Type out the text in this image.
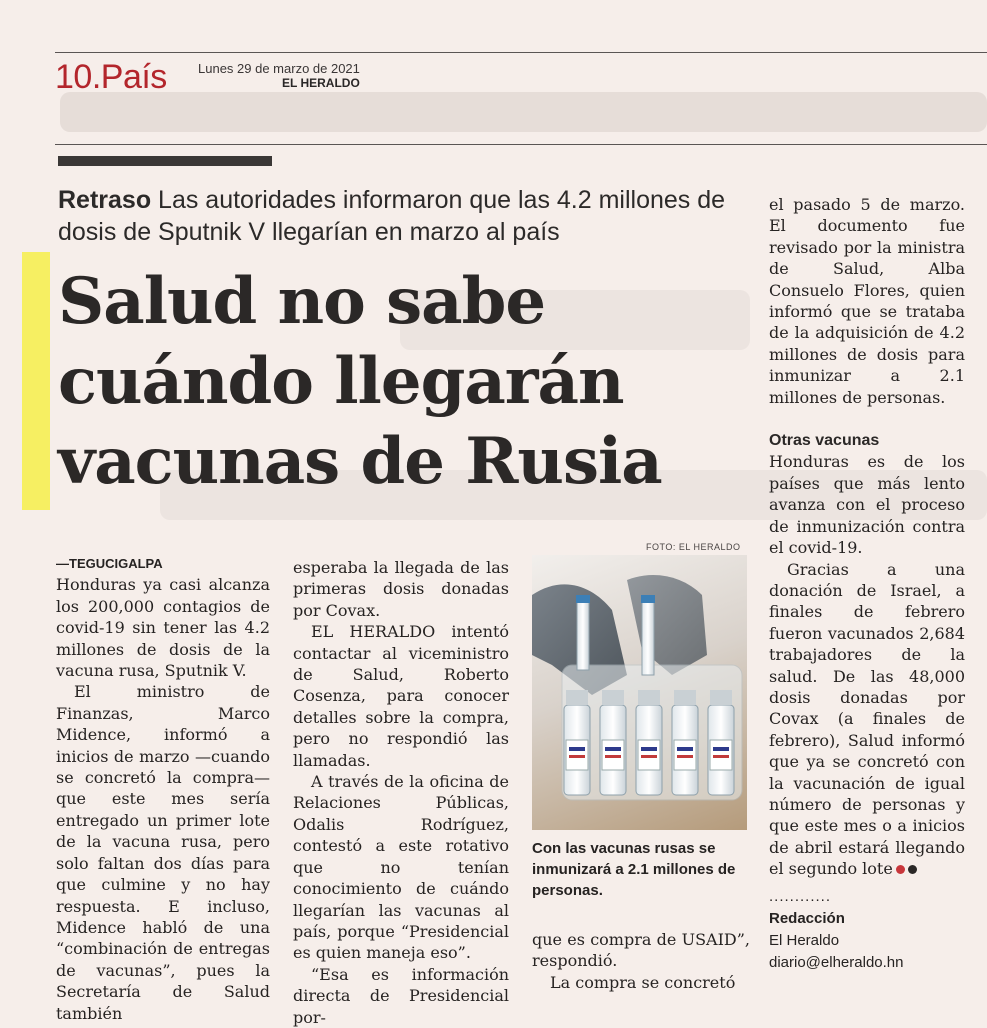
10.País Lunes 29 de marzo de 2021
EL HERALDO
Retraso Las autoridades informaron que las 4.2 millones de dosis de Sputnik V llegarían en marzo al país
Salud no sabe
cuándo llegarán
vacunas de Rusia
—TEGUCIGALPA

Honduras ya casi alcanza los 200,000 contagios de covid-19 sin tener las 4.2 millones de dosis de la vacuna rusa, Sputnik V.

El ministro de Finanzas, Marco Midence, informó a inicios de marzo —cuando se concretó la compra— que este mes sería entregado un primer lote de la vacuna rusa, pero solo faltan dos días para que culmine y no hay respuesta. E incluso, Midence habló de una “combinación de entregas de vacunas”, pues la Secretaría de Salud también

esperaba la llegada de las primeras dosis donadas por Covax.

EL HERALDO intentó contactar al viceministro de Salud, Roberto Cosenza, para conocer detalles sobre la compra, pero no respondió las llamadas.

A través de la oficina de Relaciones Públicas, Odalis Rodríguez, contestó a este rotativo que no tenían conocimiento de cuándo llegarían las vacunas al país, porque “Presidencial es quien maneja eso”.

“Esa es información directa de Presidencial por-

FOTO: EL HERALDO
Con las vacunas rusas se inmunizará a 2.1 millones de personas.

que es compra de USAID”, respondió.

La compra se concretó

el pasado 5 de marzo. El documento fue revisado por la ministra de Salud, Alba Consuelo Flores, quien informó que se trataba de la adquisición de 4.2 millones de dosis para inmunizar a 2.1 millones de personas.

Otras vacunas

Honduras es de los países que más lento avanza con el proceso de inmunización contra el covid-19.

Gracias a una donación de Israel, a finales de febrero fueron vacunados 2,684 trabajadores de la salud. De las 48,000 dosis donadas por Covax (a finales de febrero), Salud informó que ya se concretó con la vacunación de igual número de personas y que este mes o a inicios de abril estará llegando el segundo lote

............
Redacción
El Heraldo
diario@elheraldo.hn
